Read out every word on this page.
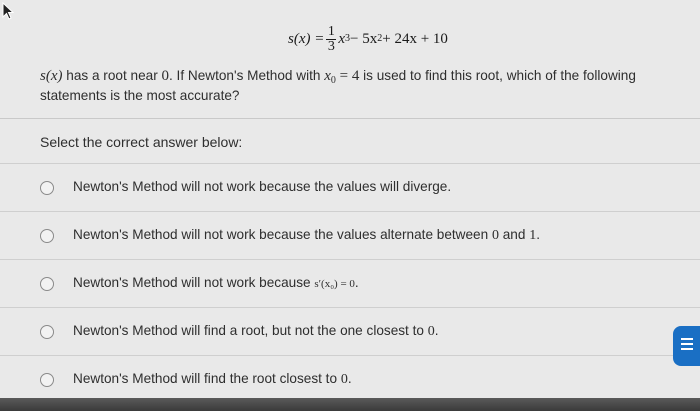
$s(x) = \frac{1}{3}$ x 3 − 5x 2 + 24x + 10
s(x) has a root near 0. If Newton's Method with $x_0 = 4$ is used to find this root, which of the following statements is the most accurate?
Select the correct answer below:
Newton's Method will not work because the values will diverge.
Newton's Method will not work because the values alternate between 0 and 1.
Newton's Method will not work because s′(x₀) = 0.
Newton's Method will find a root, but not the one closest to 0.
Newton's Method will find the root closest to 0.
